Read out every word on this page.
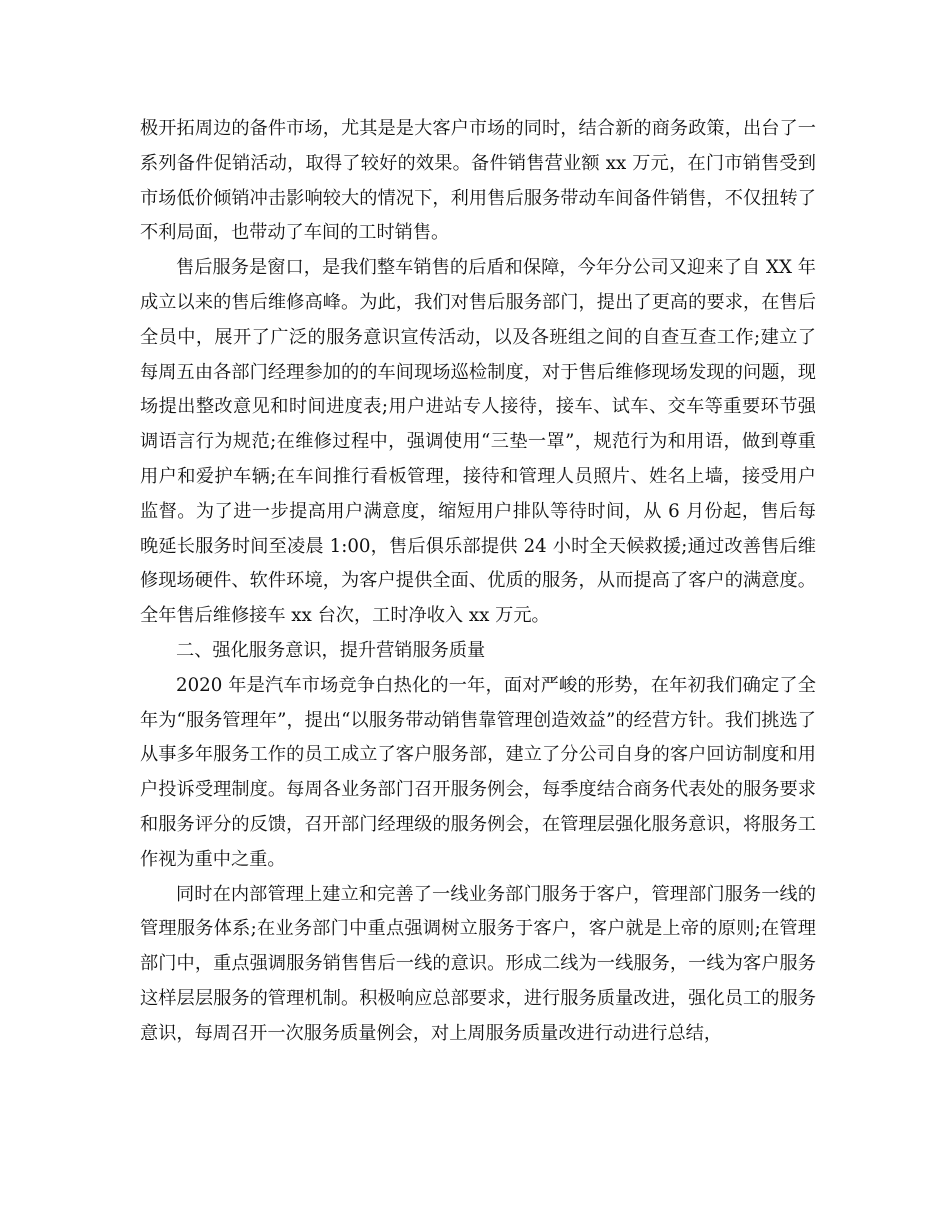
极开拓周边的备件市场，尤其是是大客户市场的同时，结合新的商务政策，出台了一系列备件促销活动，取得了较好的效果。备件销售营业额 xx 万元，在门市销售受到市场低价倾销冲击影响较大的情况下，利用售后服务带动车间备件销售，不仅扭转了不利局面，也带动了车间的工时销售。

售后服务是窗口，是我们整车销售的后盾和保障，今年分公司又迎来了自 XX 年成立以来的售后维修高峰。为此，我们对售后服务部门，提出了更高的要求，在售后全员中，展开了广泛的服务意识宣传活动，以及各班组之间的自查互查工作;建立了每周五由各部门经理参加的的车间现场巡检制度，对于售后维修现场发现的问题，现场提出整改意见和时间进度表;用户进站专人接待，接车、试车、交车等重要环节强调语言行为规范;在维修过程中，强调使用“三垫一罩”，规范行为和用语，做到尊重用户和爱护车辆;在车间推行看板管理，接待和管理人员照片、姓名上墙，接受用户监督。为了进一步提高用户满意度，缩短用户排队等待时间，从 6 月份起，售后每晚延长服务时间至凌晨 1:00，售后俱乐部提供 24 小时全天候救援;通过改善售后维修现场硬件、软件环境，为客户提供全面、优质的服务，从而提高了客户的满意度。全年售后维修接车 xx 台次，工时净收入 xx 万元。

二、强化服务意识，提升营销服务质量

2020 年是汽车市场竞争白热化的一年，面对严峻的形势，在年初我们确定了全年为“服务管理年”，提出“以服务带动销售靠管理创造效益”的经营方针。我们挑选了从事多年服务工作的员工成立了客户服务部，建立了分公司自身的客户回访制度和用户投诉受理制度。每周各业务部门召开服务例会，每季度结合商务代表处的服务要求和服务评分的反馈，召开部门经理级的服务例会，在管理层强化服务意识，将服务工作视为重中之重。

同时在内部管理上建立和完善了一线业务部门服务于客户，管理部门服务一线的管理服务体系;在业务部门中重点强调树立服务于客户，客户就是上帝的原则;在管理部门中，重点强调服务销售售后一线的意识。形成二线为一线服务，一线为客户服务这样层层服务的管理机制。积极响应总部要求，进行服务质量改进，强化员工的服务意识，每周召开一次服务质量例会，对上周服务质量改进行动进行总结，
